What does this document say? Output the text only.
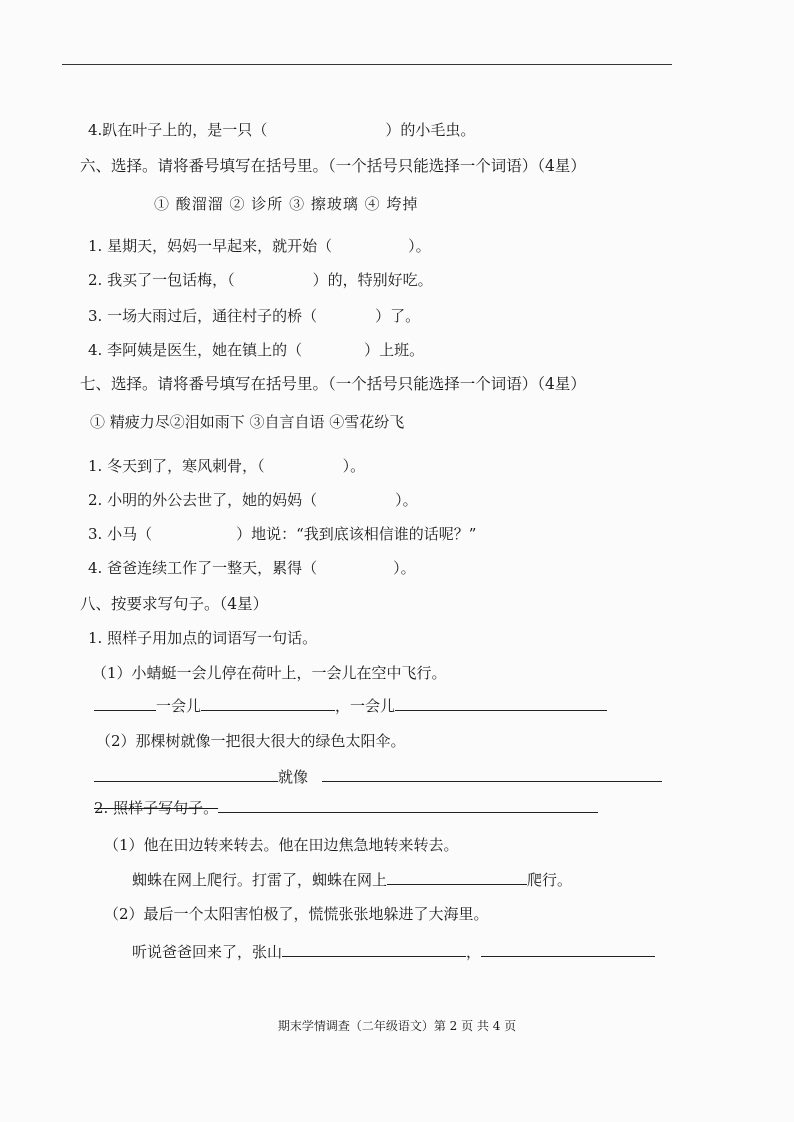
4.趴在叶子上的，是一只（	）的小毛虫。
六、选择。请将番号填写在括号里。（一个括号只能选择一个词语）（4星）
① 酸溜溜 ② 诊所 ③ 擦玻璃 ④ 垮掉
1. 星期天，妈妈一早起来，就开始（	）。
2. 我买了一包话梅，（	）的，特别好吃。
3. 一场大雨过后，通往村子的桥（	）了。
4. 李阿姨是医生，她在镇上的（	）上班。
七、选择。请将番号填写在括号里。（一个括号只能选择一个词语）（4星）
① 精疲力尽②泪如雨下 ③自言自语 ④雪花纷飞
1. 冬天到了，寒风刺骨，（	）。
2. 小明的外公去世了，她的妈妈（	）。
3. 小马（	）地说：“我到底该相信谁的话呢？”
4. 爸爸连续工作了一整天，累得（	）。
八、按要求写句子。（4星）
1. 照样子用加点的词语写一句话。
（1）小蜻蜓一会儿停在荷叶上，一会儿在空中飞行。
一会儿	，一会儿
（2）那棵树就像一把很大很大的绿色太阳伞。
就像
2. 照样子写句子。
（1）他在田边转来转去。他在田边焦急地转来转去。
蜘蛛在网上爬行。打雷了，蜘蛛在网上	爬行。
（2）最后一个太阳害怕极了，慌慌张张地躲进了大海里。
听说爸爸回来了，张山	，
期末学情调查（二年级语文）第 2 页 共 4 页
